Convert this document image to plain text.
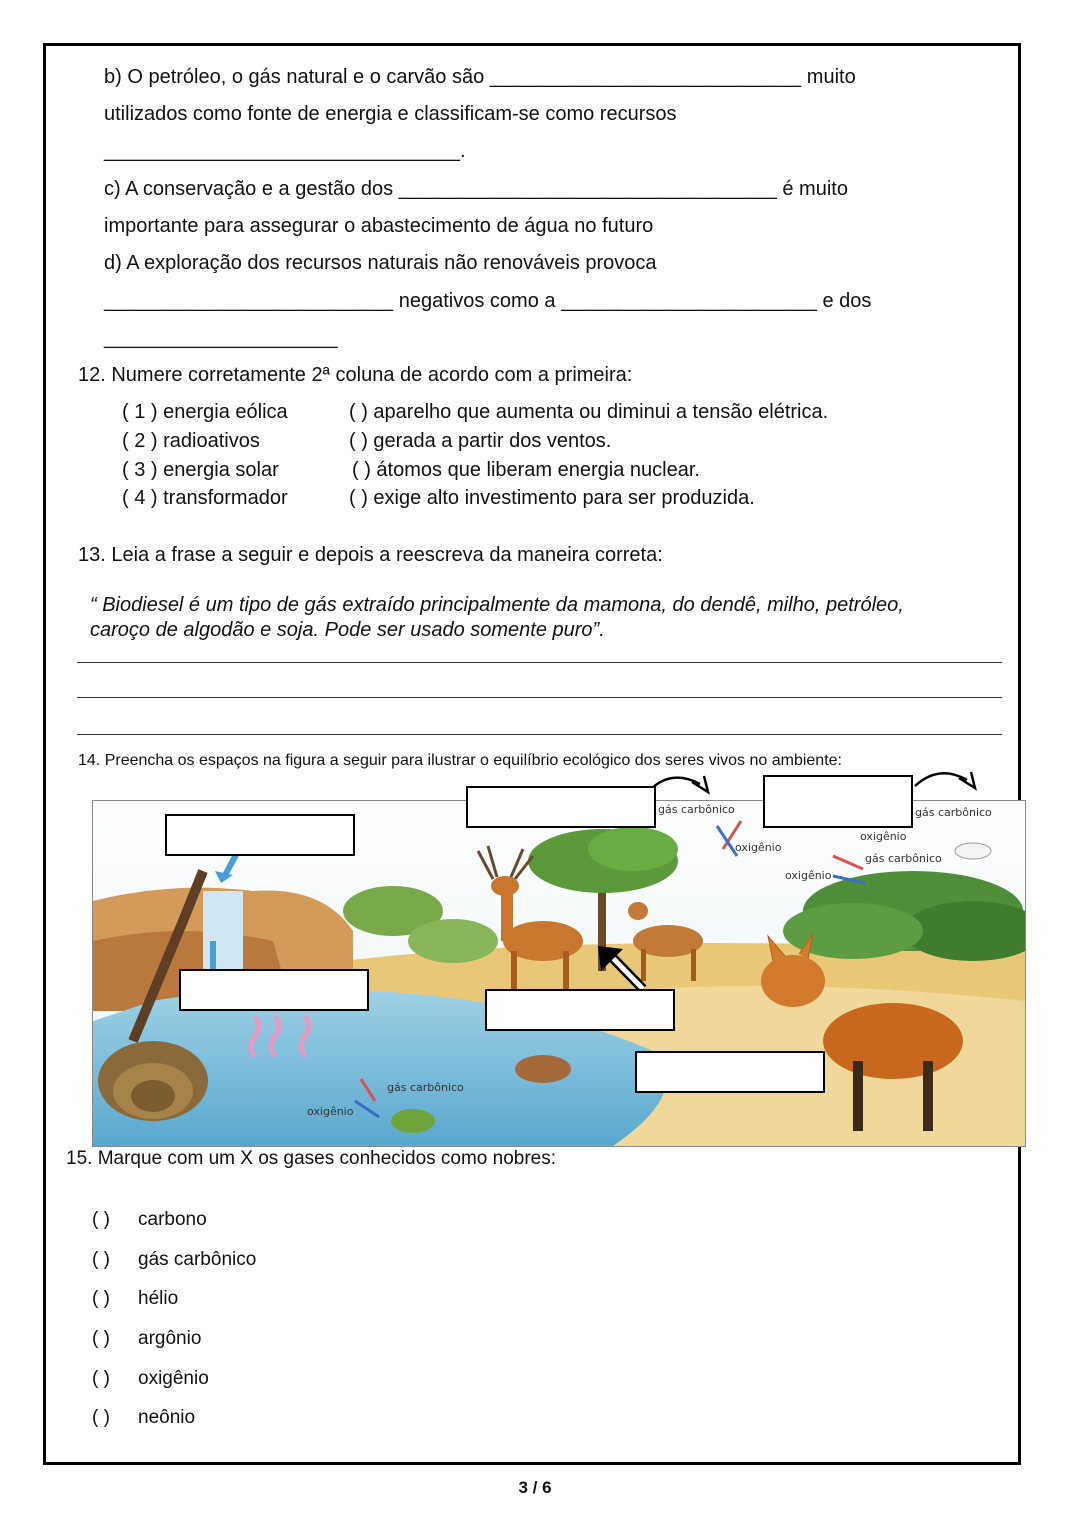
b) O petróleo, o gás natural e o carvão são ____________________________ muito
utilizados como fonte de energia e classificam-se como recursos
________________________________.
c) A conservação e a gestão dos __________________________________ é muito
importante para assegurar o abastecimento de água no futuro
d) A exploração dos recursos naturais não renováveis provoca
__________________________ negativos como a _______________________ e dos
_____________________
12. Numere corretamente 2ª coluna de acordo com a primeira:
( 1 ) energia eólica
( 2 ) radioativos
( 3 ) energia solar
( 4 ) transformador
( ) aparelho que aumenta ou diminui a tensão elétrica.
( ) gerada a partir dos ventos.
( ) átomos que liberam energia nuclear.
( ) exige alto investimento para ser produzida.
13. Leia a frase a seguir e depois a reescreva da maneira correta:
“ Biodiesel é um tipo de gás extraído principalmente da mamona, do dendê, milho, petróleo,
caroço de algodão e soja. Pode ser usado somente puro”.
14. Preencha os espaços na figura a seguir para ilustrar o equilíbrio ecológico dos seres vivos no ambiente:
gás carbônico
oxigênio
gás carbônico
oxigênio
gás carbônico
oxigênio
gás carbônico
oxigênio
15. Marque com um X os gases conhecidos como nobres:
( ) carbono
( ) gás carbônico
( ) hélio
( ) argônio
( ) oxigênio
( ) neônio
3 / 6
